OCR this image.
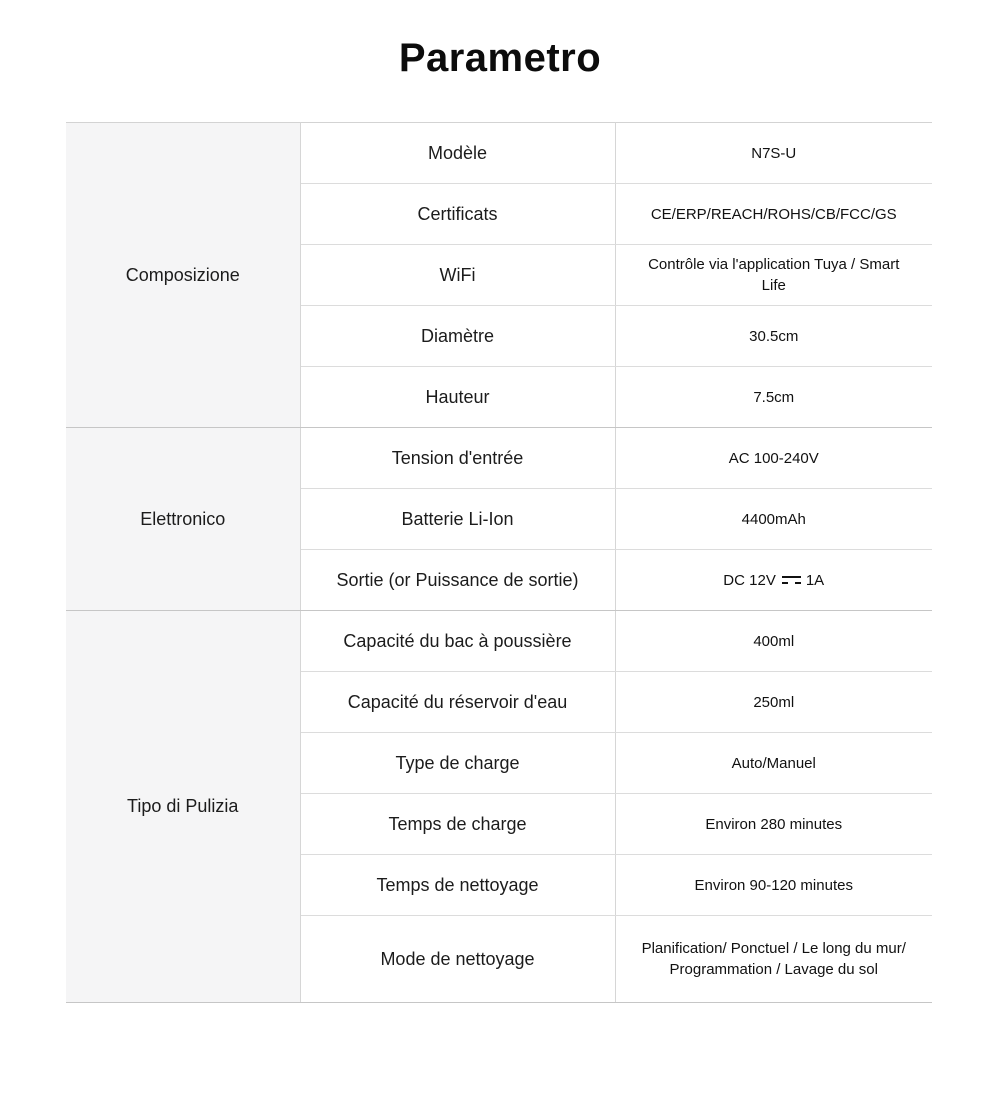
Parametro
Composizione	Modèle	N7S-U
	Certificats	CE/ERP/REACH/ROHS/CB/FCC/GS
	WiFi	Contrôle via l'application Tuya / Smart Life
	Diamètre	30.5cm
	Hauteur	7.5cm
Elettronico	Tension d'entrée	AC 100-240V
	Batterie Li-Ion	4400mAh
	Sortie (or Puissance de sortie)	DC 12V 1A
Tipo di Pulizia	Capacité du bac à poussière	400ml
	Capacité du réservoir d'eau	250ml
	Type de charge	Auto/Manuel
	Temps de charge	Environ 280 minutes
	Temps de nettoyage	Environ 90-120 minutes
	Mode de nettoyage	Planification/ Ponctuel / Le long du mur/ Programmation / Lavage du sol
